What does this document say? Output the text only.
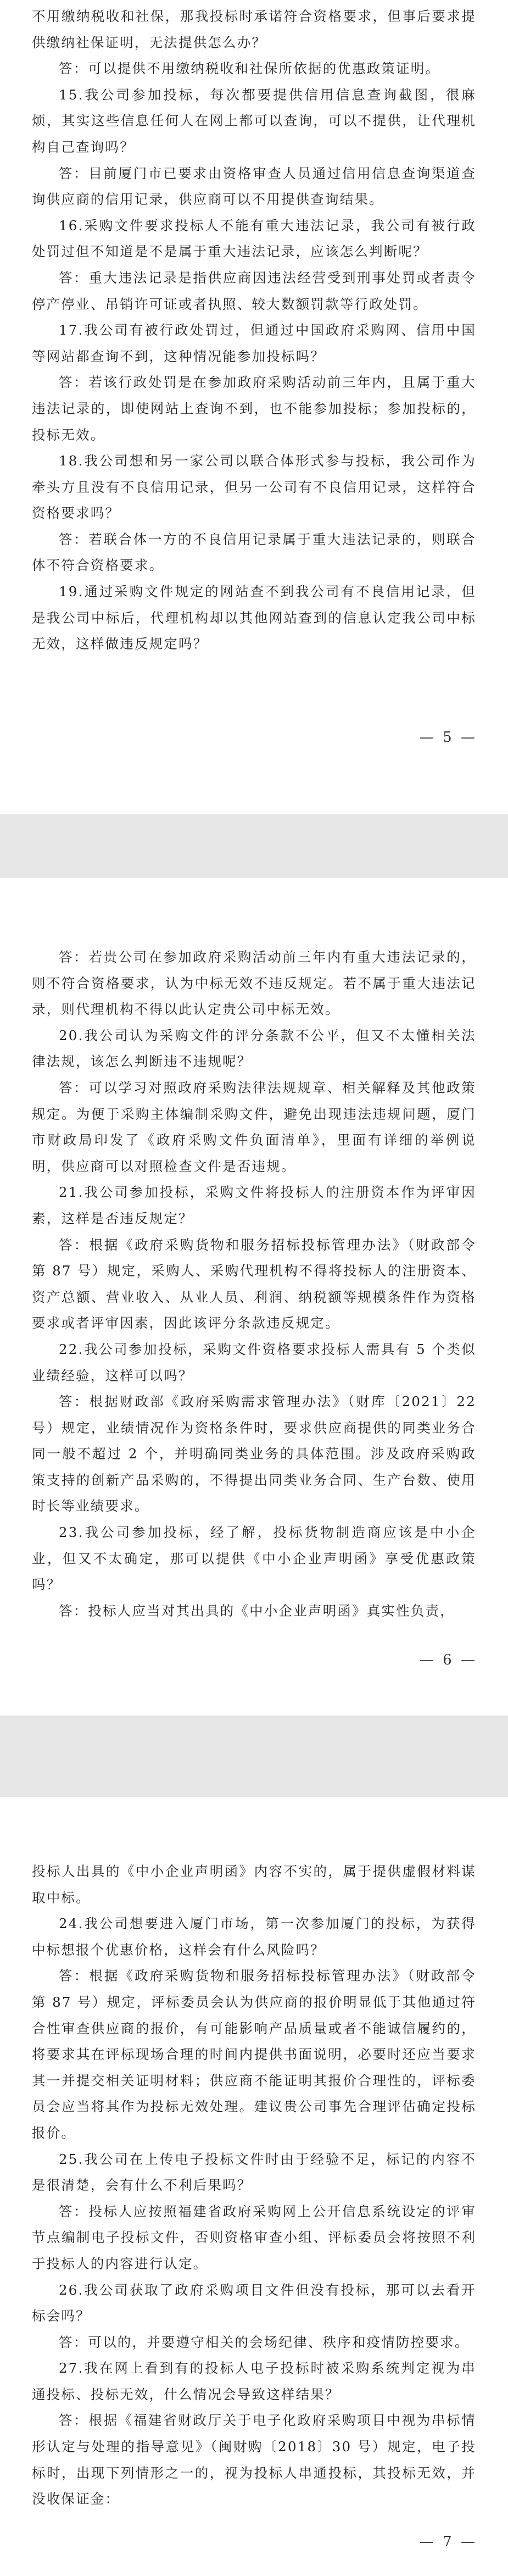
不用缴纳税收和社保，那我投标时承诺符合资格要求，但事后要求提供缴纳社保证明，无法提供怎么办？

答：可以提供不用缴纳税收和社保所依据的优惠政策证明。

15.我公司参加投标，每次都要提供信用信息查询截图，很麻烦，其实这些信息任何人在网上都可以查询，可以不提供，让代理机构自己查询吗？

答：目前厦门市已要求由资格审查人员通过信用信息查询渠道查询供应商的信用记录，供应商可以不用提供查询结果。

16.采购文件要求投标人不能有重大违法记录，我公司有被行政处罚过但不知道是不是属于重大违法记录，应该怎么判断呢？

答：重大违法记录是指供应商因违法经营受到刑事处罚或者责令停产停业、吊销许可证或者执照、较大数额罚款等行政处罚。

17.我公司有被行政处罚过，但通过中国政府采购网、信用中国等网站都查询不到，这种情况能参加投标吗？

答：若该行政处罚是在参加政府采购活动前三年内，且属于重大违法记录的，即使网站上查询不到，也不能参加投标；参加投标的，投标无效。

18.我公司想和另一家公司以联合体形式参与投标，我公司作为牵头方且没有不良信用记录，但另一公司有不良信用记录，这样符合资格要求吗？

答：若联合体一方的不良信用记录属于重大违法记录的，则联合体不符合资格要求。

19.通过采购文件规定的网站查不到我公司有不良信用记录，但是我公司中标后，代理机构却以其他网站查到的信息认定我公司中标无效，这样做违反规定吗？

— 5 —

答：若贵公司在参加政府采购活动前三年内有重大违法记录的，则不符合资格要求，认为中标无效不违反规定。若不属于重大违法记录，则代理机构不得以此认定贵公司中标无效。

20.我公司认为采购文件的评分条款不公平，但又不太懂相关法律法规，该怎么判断违不违规呢？

答：可以学习对照政府采购法律法规规章、相关解释及其他政策规定。为便于采购主体编制采购文件，避免出现违法违规问题，厦门市财政局印发了《政府采购文件负面清单》，里面有详细的举例说明，供应商可以对照检查文件是否违规。

21.我公司参加投标，采购文件将投标人的注册资本作为评审因素，这样是否违反规定？

答：根据《政府采购货物和服务招标投标管理办法》（财政部令第 87 号）规定，采购人、采购代理机构不得将投标人的注册资本、资产总额、营业收入、从业人员、利润、纳税额等规模条件作为资格要求或者评审因素，因此该评分条款违反规定。

22.我公司参加投标，采购文件资格要求投标人需具有 5 个类似业绩经验，这样可以吗？

答：根据财政部《政府采购需求管理办法》（财库〔2021〕22 号）规定，业绩情况作为资格条件时，要求供应商提供的同类业务合同一般不超过 2 个，并明确同类业务的具体范围。涉及政府采购政策支持的创新产品采购的，不得提出同类业务合同、生产台数、使用时长等业绩要求。

23.我公司参加投标，经了解，投标货物制造商应该是中小企业，但又不太确定，那可以提供《中小企业声明函》享受优惠政策吗？

答：投标人应当对其出具的《中小企业声明函》真实性负责，

— 6 —

投标人出具的《中小企业声明函》内容不实的，属于提供虚假材料谋取中标。

24.我公司想要进入厦门市场，第一次参加厦门的投标，为获得中标想报个优惠价格，这样会有什么风险吗？

答：根据《政府采购货物和服务招标投标管理办法》（财政部令第 87 号）规定，评标委员会认为供应商的报价明显低于其他通过符合性审查供应商的报价，有可能影响产品质量或者不能诚信履约的，将要求其在评标现场合理的时间内提供书面说明，必要时还应当要求其一并提交相关证明材料；供应商不能证明其报价合理性的，评标委员会应当将其作为投标无效处理。建议贵公司事先合理评估确定投标报价。

25.我公司在上传电子投标文件时由于经验不足，标记的内容不是很清楚，会有什么不利后果吗？

答：投标人应按照福建省政府采购网上公开信息系统设定的评审节点编制电子投标文件，否则资格审查小组、评标委员会将按照不利于投标人的内容进行认定。

26.我公司获取了政府采购项目文件但没有投标，那可以去看开标会吗？

答：可以的，并要遵守相关的会场纪律、秩序和疫情防控要求。

27.我在网上看到有的投标人电子投标时被采购系统判定视为串通投标、投标无效，什么情况会导致这样结果？

答：根据《福建省财政厅关于电子化政府采购项目中视为串标情形认定与处理的指导意见》（闽财购〔2018〕30 号）规定，电子投标时，出现下列情形之一的，视为投标人串通投标，其投标无效，并没收保证金：

— 7 —
